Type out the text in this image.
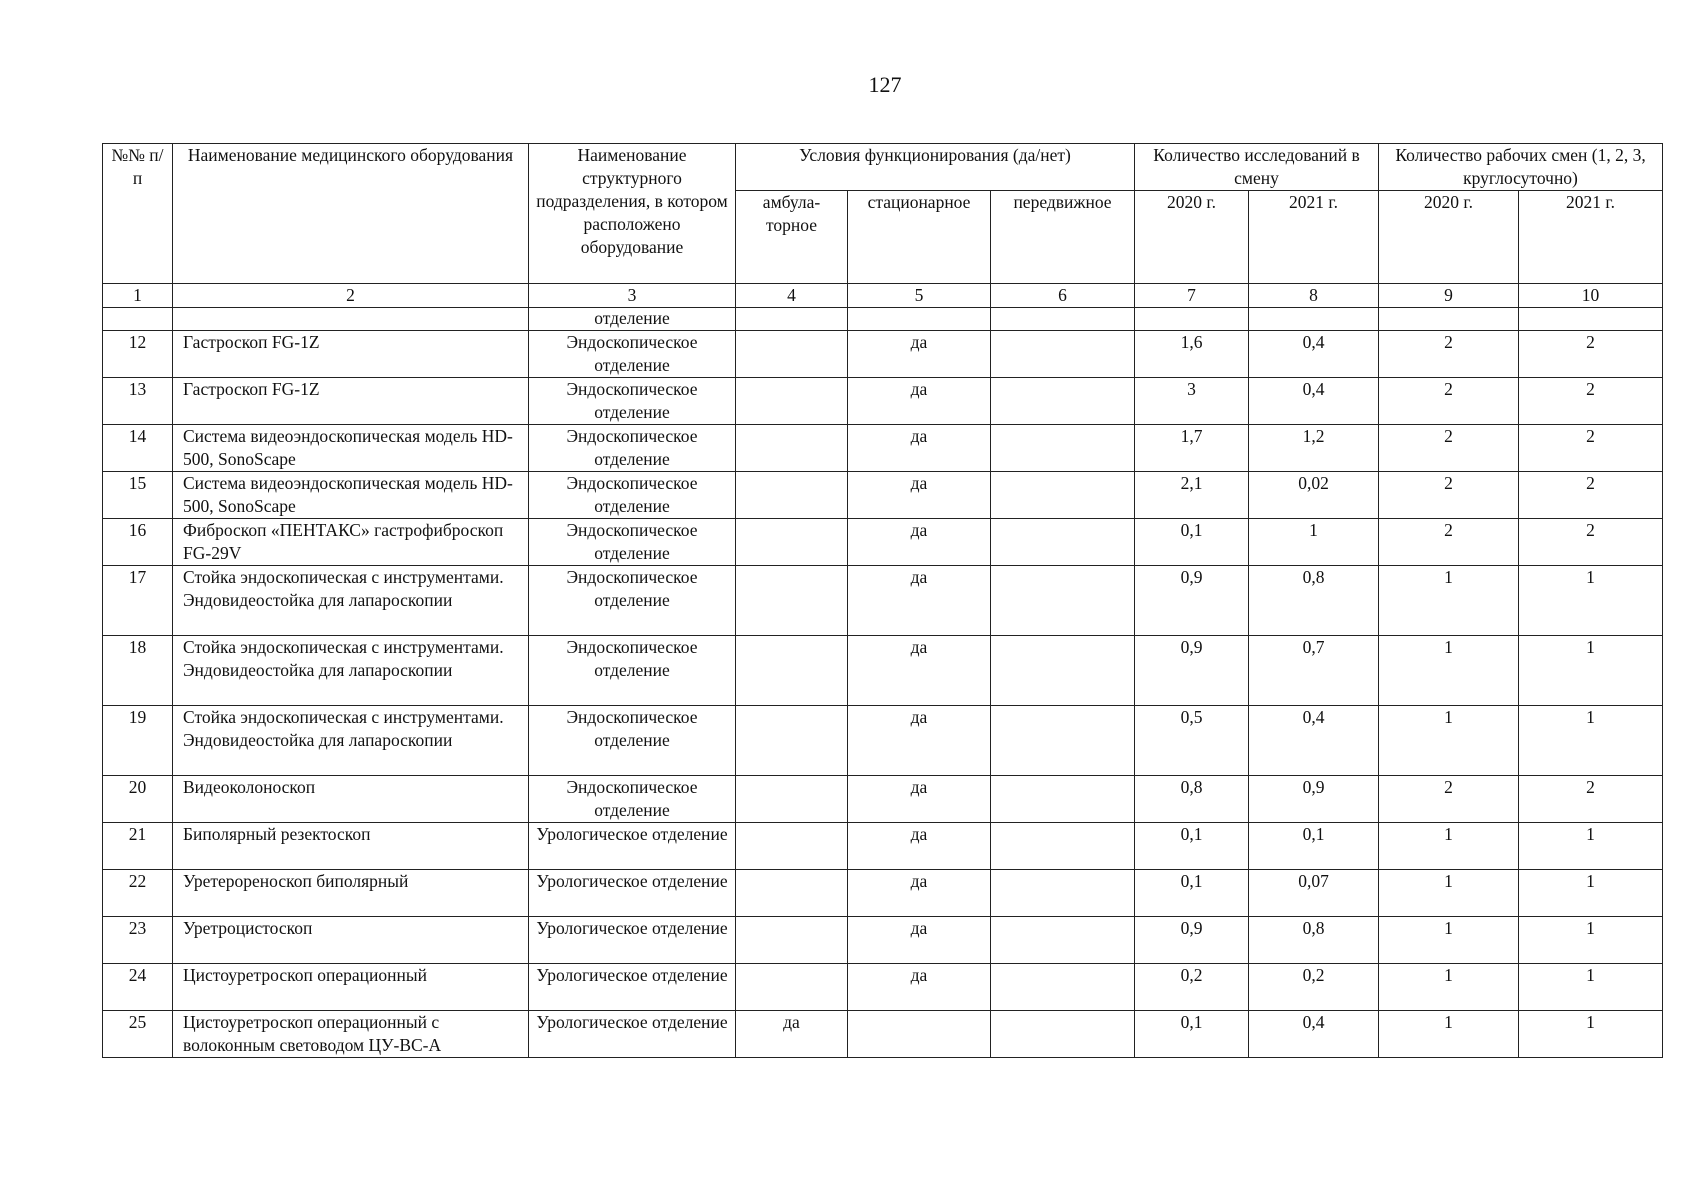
127
№№ п/п	Наименование медицинского оборудования	Наименование структурного подразделения, в котором расположено оборудование	Условия функционирования (да/нет)			Количество исследований в смену		Количество рабочих смен (1, 2, 3, круглосуточно)	
			амбула-торное	стационарное	передвижное	2020 г.	2021 г.	2020 г.	2021 г.
1	2	3	4	5	6	7	8	9	10
		отделение							
12	Гастроскоп FG-1Z	Эндоскопическое отделение		да		1,6	0,4	2	2
13	Гастроскоп FG-1Z	Эндоскопическое отделение		да		3	0,4	2	2
14	Система видеоэндоскопическая модель HD-500, SonoScape	Эндоскопическое отделение		да		1,7	1,2	2	2
15	Система видеоэндоскопическая модель HD-500, SonoScape	Эндоскопическое отделение		да		2,1	0,02	2	2
16	Фиброскоп «ПЕНТАКС» гастрофиброскоп FG-29V	Эндоскопическое отделение		да		0,1	1	2	2
17	Стойка эндоскопическая с инструментами. Эндовидеостойка для лапароскопии	Эндоскопическое отделение		да		0,9	0,8	1	1
18	Стойка эндоскопическая с инструментами. Эндовидеостойка для лапароскопии	Эндоскопическое отделение		да		0,9	0,7	1	1
19	Стойка эндоскопическая с инструментами. Эндовидеостойка для лапароскопии	Эндоскопическое отделение		да		0,5	0,4	1	1
20	Видеоколоноскоп	Эндоскопическое отделение		да		0,8	0,9	2	2
21	Биполярный резектоскоп	Урологическое отделение		да		0,1	0,1	1	1
22	Уретерореноскоп биполярный	Урологическое отделение		да		0,1	0,07	1	1
23	Уретроцистоскоп	Урологическое отделение		да		0,9	0,8	1	1
24	Цистоуретроскоп операционный	Урологическое отделение		да		0,2	0,2	1	1
25	Цистоуретроскоп операционный с волоконным световодом ЦУ-ВС-А	Урологическое отделение	да			0,1	0,4	1	1
